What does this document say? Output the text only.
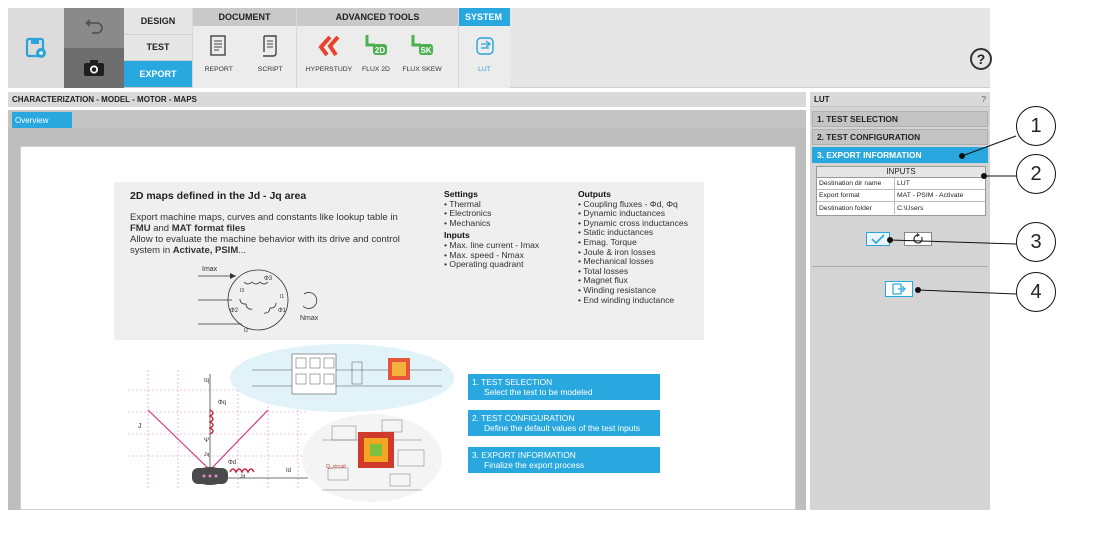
DESIGN
TEST
EXPORT
DOCUMENT
REPORT	SCRIPT
ADVANCED TOOLS
HYPERSTUDY
2D
FLUX 2D
SK
FLUX SKEW
SYSTEM
LUT
?
CHARACTERIZATION - MODEL - MOTOR - MAPS
Overview
2D maps defined in the Jd - Jq area
Export machine maps, curves and constants like lookup table in FMU and MAT format files
Allow to evaluate the machine behavior with its drive and control system in Activate, PSIM...
Settings
• Thermal
• Electronics
• Mechanics
Inputs
• Max. line current - Imax
• Max. speed - Nmax
• Operating quadrant
Outputs
• Coupling fluxes - Φd, Φq
• Dynamic inductances
• Dynamic cross inductances
• Static inductances
• Emag. Torque
• Joule & iron losses
• Mechanical losses
• Total losses
• Magnet flux
• Winding resistance
• End winding inductance
Imax
Nmax
Φ3
Φ2	Φ1
I3
I2
I1
Iq
Φq
J
Ψ
Φd
Id
Jq
Jd
Q_circuit
1. TEST SELECTION
Select the test to be modeled
2. TEST CONFIGURATION
Define the default values of the test inputs
3. EXPORT INFORMATION
Finalize the export process
LUT	?
1. TEST SELECTION
2. TEST CONFIGURATION
3. EXPORT INFORMATION
INPUTS
Destination dir name	LUT
Export format	MAT - PSIM - Activate
Destination folder	C:\Users
1
2
3
4
